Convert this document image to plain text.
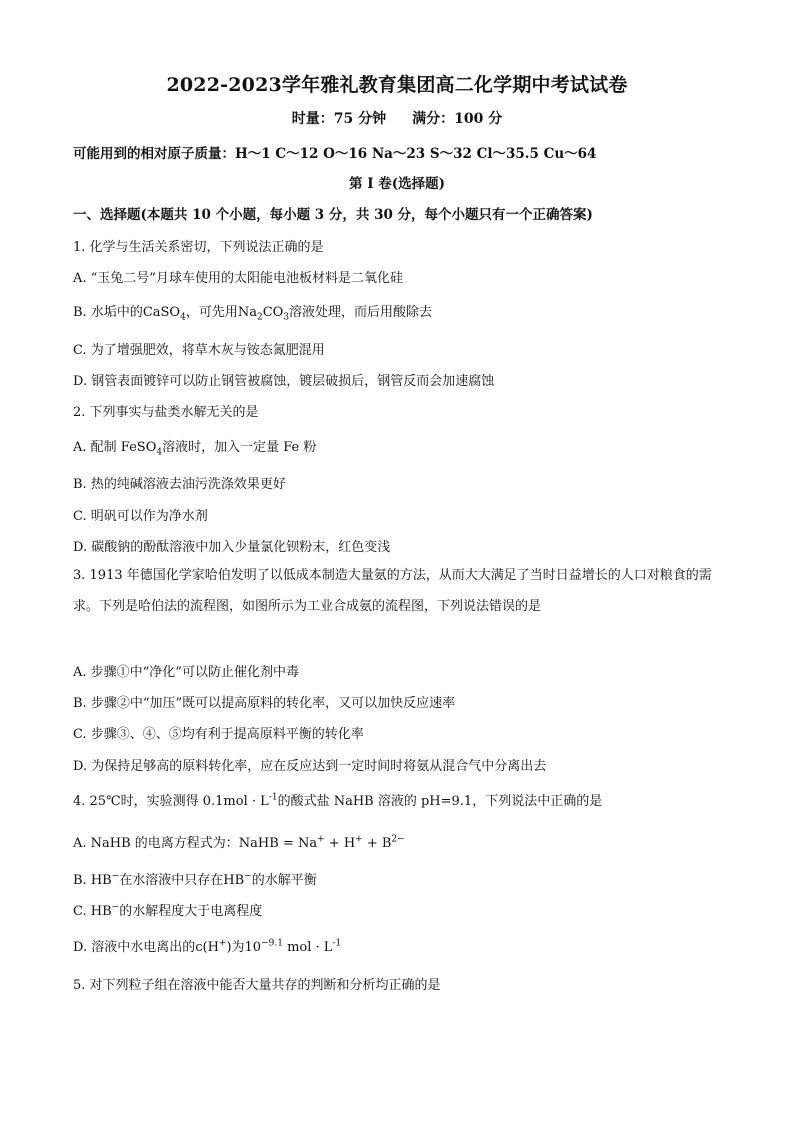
2022-2023学年雅礼教育集团高二化学期中考试试卷
时量：75 分钟 满分：100 分
可能用到的相对原子质量：H～1 C～12 O～16 Na～23 S～32 Cl～35.5 Cu～64
第 I 卷(选择题)
一、选择题(本题共 10 个小题，每小题 3 分，共 30 分，每个小题只有一个正确答案)
1. 化学与生活关系密切，下列说法正确的是
A. “玉兔二号”月球车使用的太阳能电池板材料是二氧化硅
B. 水垢中的CaSO$_4$，可先用$Na_2CO_3$溶液处理，而后用酸除去
C. 为了增强肥效，将草木灰与铵态氮肥混用
D. 钢管表面镀锌可以防止钢管被腐蚀，镀层破损后，钢管反而会加速腐蚀
2. 下列事实与盐类水解无关的是
A. 配制 FeSO$_4$溶液时，加入一定量 Fe 粉
B. 热的纯碱溶液去油污洗涤效果更好
C. 明矾可以作为净水剂
D. 碳酸钠的酚酞溶液中加入少量氯化钡粉末，红色变浅
3. 1913 年德国化学家哈伯发明了以低成本制造大量氨的方法，从而大大满足了当时日益增长的人口对粮食的需求。下列是哈伯法的流程图，如图所示为工业合成氨的流程图，下列说法错误的是
A. 步骤①中“净化”可以防止催化剂中毒
B. 步骤②中“加压”既可以提高原料的转化率，又可以加快反应速率
C. 步骤③、④、⑤均有利于提高原料平衡的转化率
D. 为保持足够高的原料转化率，应在反应达到一定时间时将氨从混合气中分离出去
4. 25℃时，实验测得 $0.1mol \cdot L^{-1}$的酸式盐 NaHB 溶液的 pH=9.1，下列说法中正确的是
A. NaHB 的电离方程式为：NaHB = $Na^+ + H^+ + B^{2-}$
B. HB−在水溶液中只存在HB−的水解平衡
C. HB−的水解程度大于电离程度
D. 溶液中水电离出的c(H+)为$10^{-9.1}$ mol · $L^{-1}$
5. 对下列粒子组在溶液中能否大量共存的判断和分析均正确的是
